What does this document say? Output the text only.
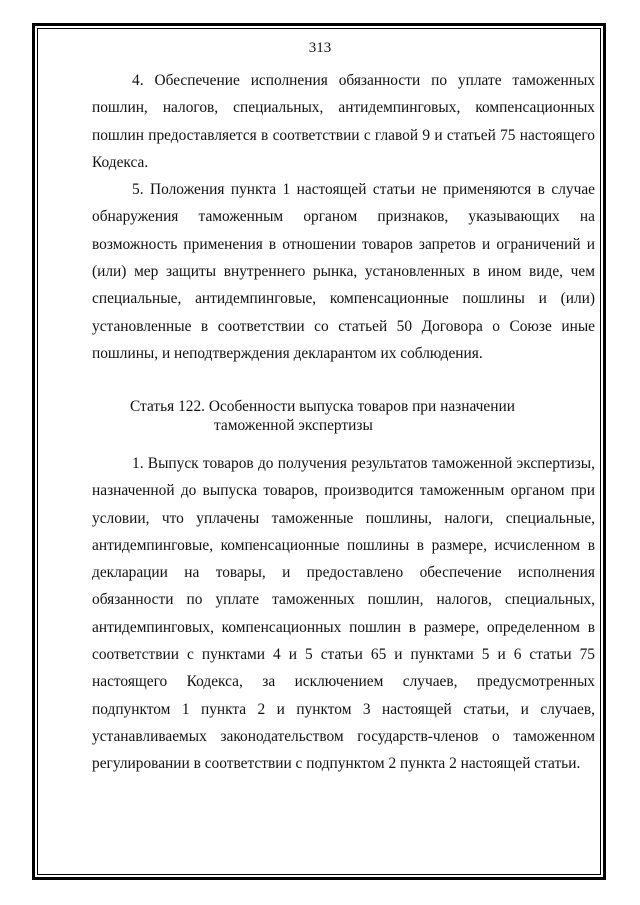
313

4. Обеспечение исполнения обязанности по уплате таможенных пошлин, налогов, специальных, антидемпинговых, компенсационных пошлин предоставляется в соответствии с главой 9 и статьей 75 настоящего Кодекса.

5. Положения пункта 1 настоящей статьи не применяются в случае обнаружения таможенным органом признаков, указывающих на возможность применения в отношении товаров запретов и ограничений и (или) мер защиты внутреннего рынка, установленных в ином виде, чем специальные, антидемпинговые, компенсационные пошлины и (или) установленные в соответствии со статьей 50 Договора о Союзе иные пошлины, и неподтверждения декларантом их соблюдения.

Статья 122. Особенности выпуска товаров при назначении
таможенной экспертизы

1. Выпуск товаров до получения результатов таможенной экспертизы, назначенной до выпуска товаров, производится таможенным органом при условии, что уплачены таможенные пошлины, налоги, специальные, антидемпинговые, компенсационные пошлины в размере, исчисленном в декларации на товары, и предоставлено обеспечение исполнения обязанности по уплате таможенных пошлин, налогов, специальных, антидемпинговых, компенсационных пошлин в размере, определенном в соответствии с пунктами 4 и 5 статьи 65 и пунктами 5 и 6 статьи 75 настоящего Кодекса, за исключением случаев, предусмотренных подпунктом 1 пункта 2 и пунктом 3 настоящей статьи, и случаев, устанавливаемых законодательством государств-членов о таможенном регулировании в соответствии с подпунктом 2 пункта 2 настоящей статьи.
